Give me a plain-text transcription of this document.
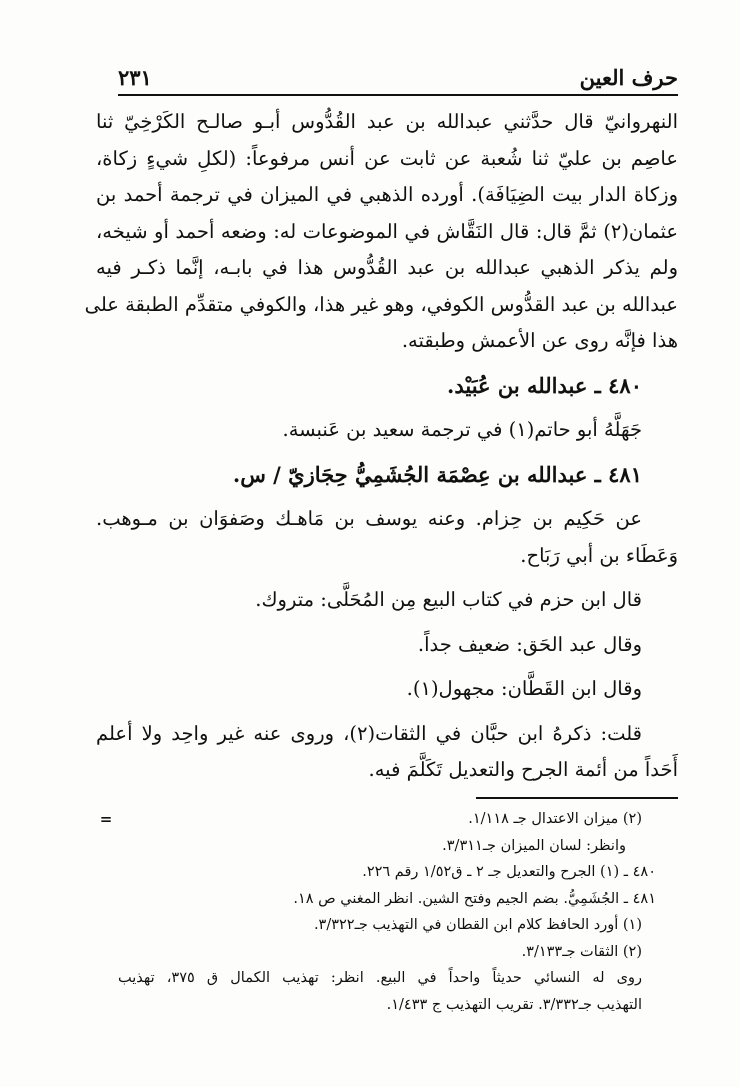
حرف العين
٢٣١
النهروانيّ قال حدَّثني عبدالله بن عبد القُدُّوس أبـو صالـح الكَرْخِيّ ثنا
عاصِم بن عليّ ثنا شُعبة عن ثابت عن أنس مرفوعاً: (لكلِ شيءٍ زكاة،
وزكاة الدار بيت الضِيَافَة). أورده الذهبي في الميزان في ترجمة أحمد بن
عثمان(٢) ثمَّ قال: قال النَقَّاش في الموضوعات له: وضعه أحمد أو شيخه،
ولم يذكر الذهبي عبدالله بن عبد القُدُّوس هذا في بابـه، إنَّما ذكـر فيه
عبدالله بن عبد القدُّوس الكوفي، وهو غير هذا، والكوفي متقدِّم الطبقة على
هذا فإنَّه روى عن الأعمش وطبقته.
٤٨٠ ـ عبدالله بن عُبَيْد.
جَهَلَّهُ أبو حاتم(١) في ترجمة سعيد بن عَنبسة.
٤٨١ ـ عبدالله بن عِصْمَة الجُشَمِيُّ حِجَازيّ / س.
عن حَكِيم بن حِزام. وعنه يوسف بن مَاهـك وصَفوَان بن مـوهب.
وَعَطَاء بن أبي رَبَاح.
قال ابن حزم في كتاب البيع مِن المُحَلَّى: متروك.
وقال عبد الحَق: ضعيف جداً.
وقال ابن القَطَّان: مجهول(١).
قلت: ذكرهُ ابن حبَّان في الثقات(٢)، وروى عنه غير واحِد ولا أعلم
أَحَداً من أئمة الجرح والتعديل تَكَلَّمَ فيه.
=	(٢) ميزان الاعتدال جـ ١/١١٨.
وانظر: لسان الميزان جـ٣/٣١١.
٤٨٠ ـ (١) الجرح والتعديل جـ ٢ ـ ق١/٥٢ رقم ٢٢٦.
٤٨١ ـ الجُشَمِيُّ. بضم الجيم وفتح الشين. انظر المغني ص ١٨.
(١) أورد الحافظ كلام ابن القطان في التهذيب جـ٣/٣٢٢.
(٢) الثقات جـ٣/١٣٣.
روى له النسائي حديثاً واحداً في البيع. انظر: تهذيب الكمال ق ٣٧٥، تهذيب
التهذيب جـ٣/٣٣٢. تقريب التهذيب ج ١/٤٣٣.
